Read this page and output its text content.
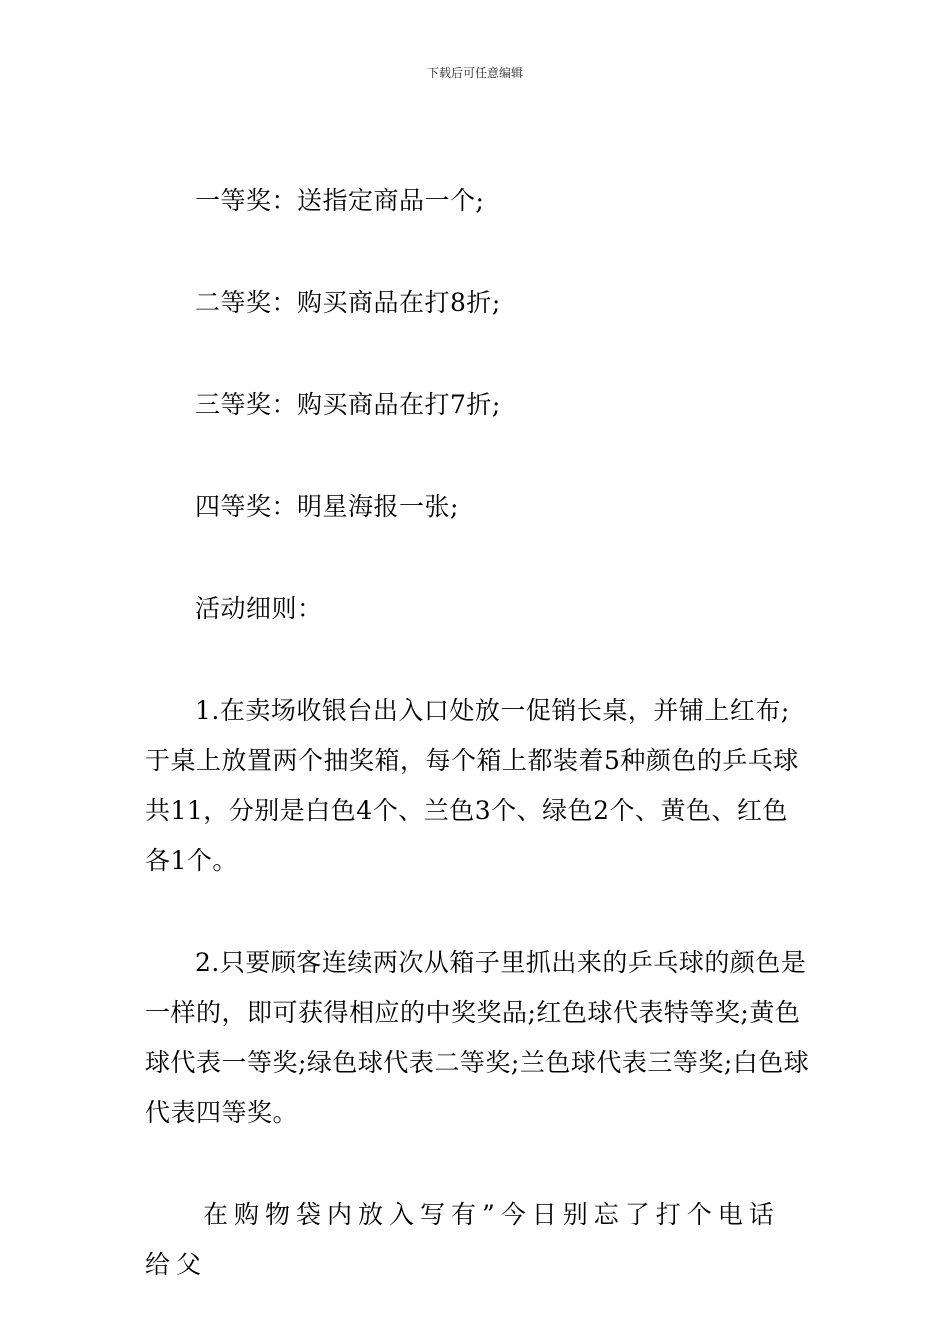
下载后可任意编辑

一等奖：送指定商品一个;

二等奖：购买商品在打8折;

三等奖：购买商品在打7折;

四等奖：明星海报一张;

活动细则：

1.在卖场收银台出入口处放一促销长桌，并铺上红布;于桌上放置两个抽奖箱，每个箱上都装着5种颜色的乒乓球共11，分别是白色4个、兰色3个、绿色2个、黄色、红色各1个。

2.只要顾客连续两次从箱子里抓出来的乒乓球的颜色是一样的，即可获得相应的中奖奖品;红色球代表特等奖;黄色球代表一等奖;绿色球代表二等奖;兰色球代表三等奖;白色球代表四等奖。

在购物袋内放入写有”今日别忘了打个电话给父
